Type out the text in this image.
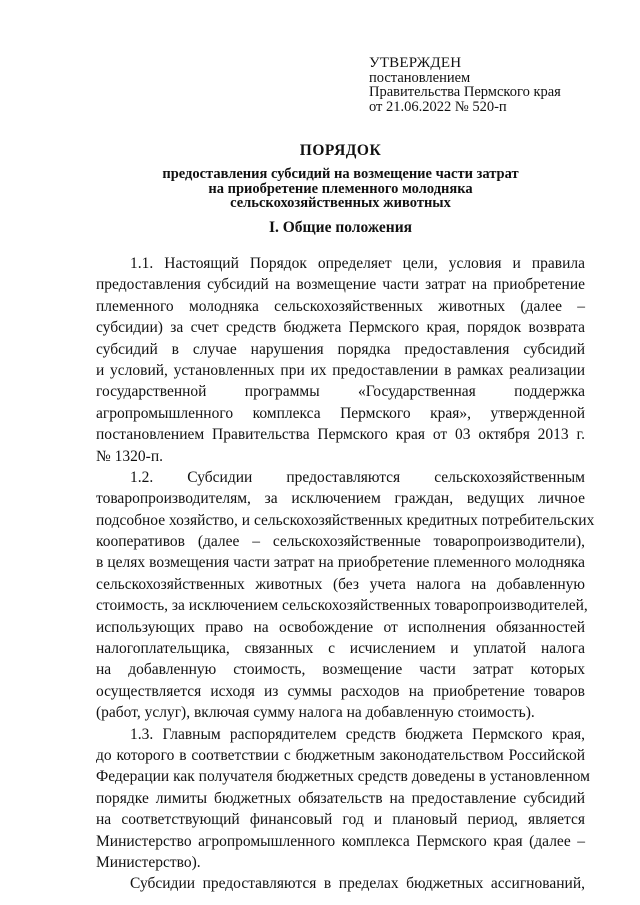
УТВЕРЖДЕН
постановлением
Правительства Пермского края
от 21.06.2022 № 520-п
ПОРЯДОК
предоставления субсидий на возмещение части затрат
на приобретение племенного молодняка
сельскохозяйственных животных
I. Общие положения
1.1. Настоящий Порядок определяет цели, условия и правила
предоставления субсидий на возмещение части затрат на приобретение
племенного молодняка сельскохозяйственных животных (далее –
субсидии) за счет средств бюджета Пермского края, порядок возврата
субсидий в случае нарушения порядка предоставления субсидий
и условий, установленных при их предоставлении в рамках реализации
государственной программы «Государственная поддержка
агропромышленного комплекса Пермского края», утвержденной
постановлением Правительства Пермского края от 03 октября 2013 г.
№ 1320-п.
1.2. Субсидии предоставляются сельскохозяйственным
товаропроизводителям, за исключением граждан, ведущих личное
подсобное хозяйство, и сельскохозяйственных кредитных потребительских
кооперативов (далее – сельскохозяйственные товаропроизводители),
в целях возмещения части затрат на приобретение племенного молодняка
сельскохозяйственных животных (без учета налога на добавленную
стоимость, за исключением сельскохозяйственных товаропроизводителей,
использующих право на освобождение от исполнения обязанностей
налогоплательщика, связанных с исчислением и уплатой налога
на добавленную стоимость, возмещение части затрат которых
осуществляется исходя из суммы расходов на приобретение товаров
(работ, услуг), включая сумму налога на добавленную стоимость).
1.3. Главным распорядителем средств бюджета Пермского края,
до которого в соответствии с бюджетным законодательством Российской
Федерации как получателя бюджетных средств доведены в установленном
порядке лимиты бюджетных обязательств на предоставление субсидий
на соответствующий финансовый год и плановый период, является
Министерство агропромышленного комплекса Пермского края (далее –
Министерство).
Субсидии предоставляются в пределах бюджетных ассигнований,
